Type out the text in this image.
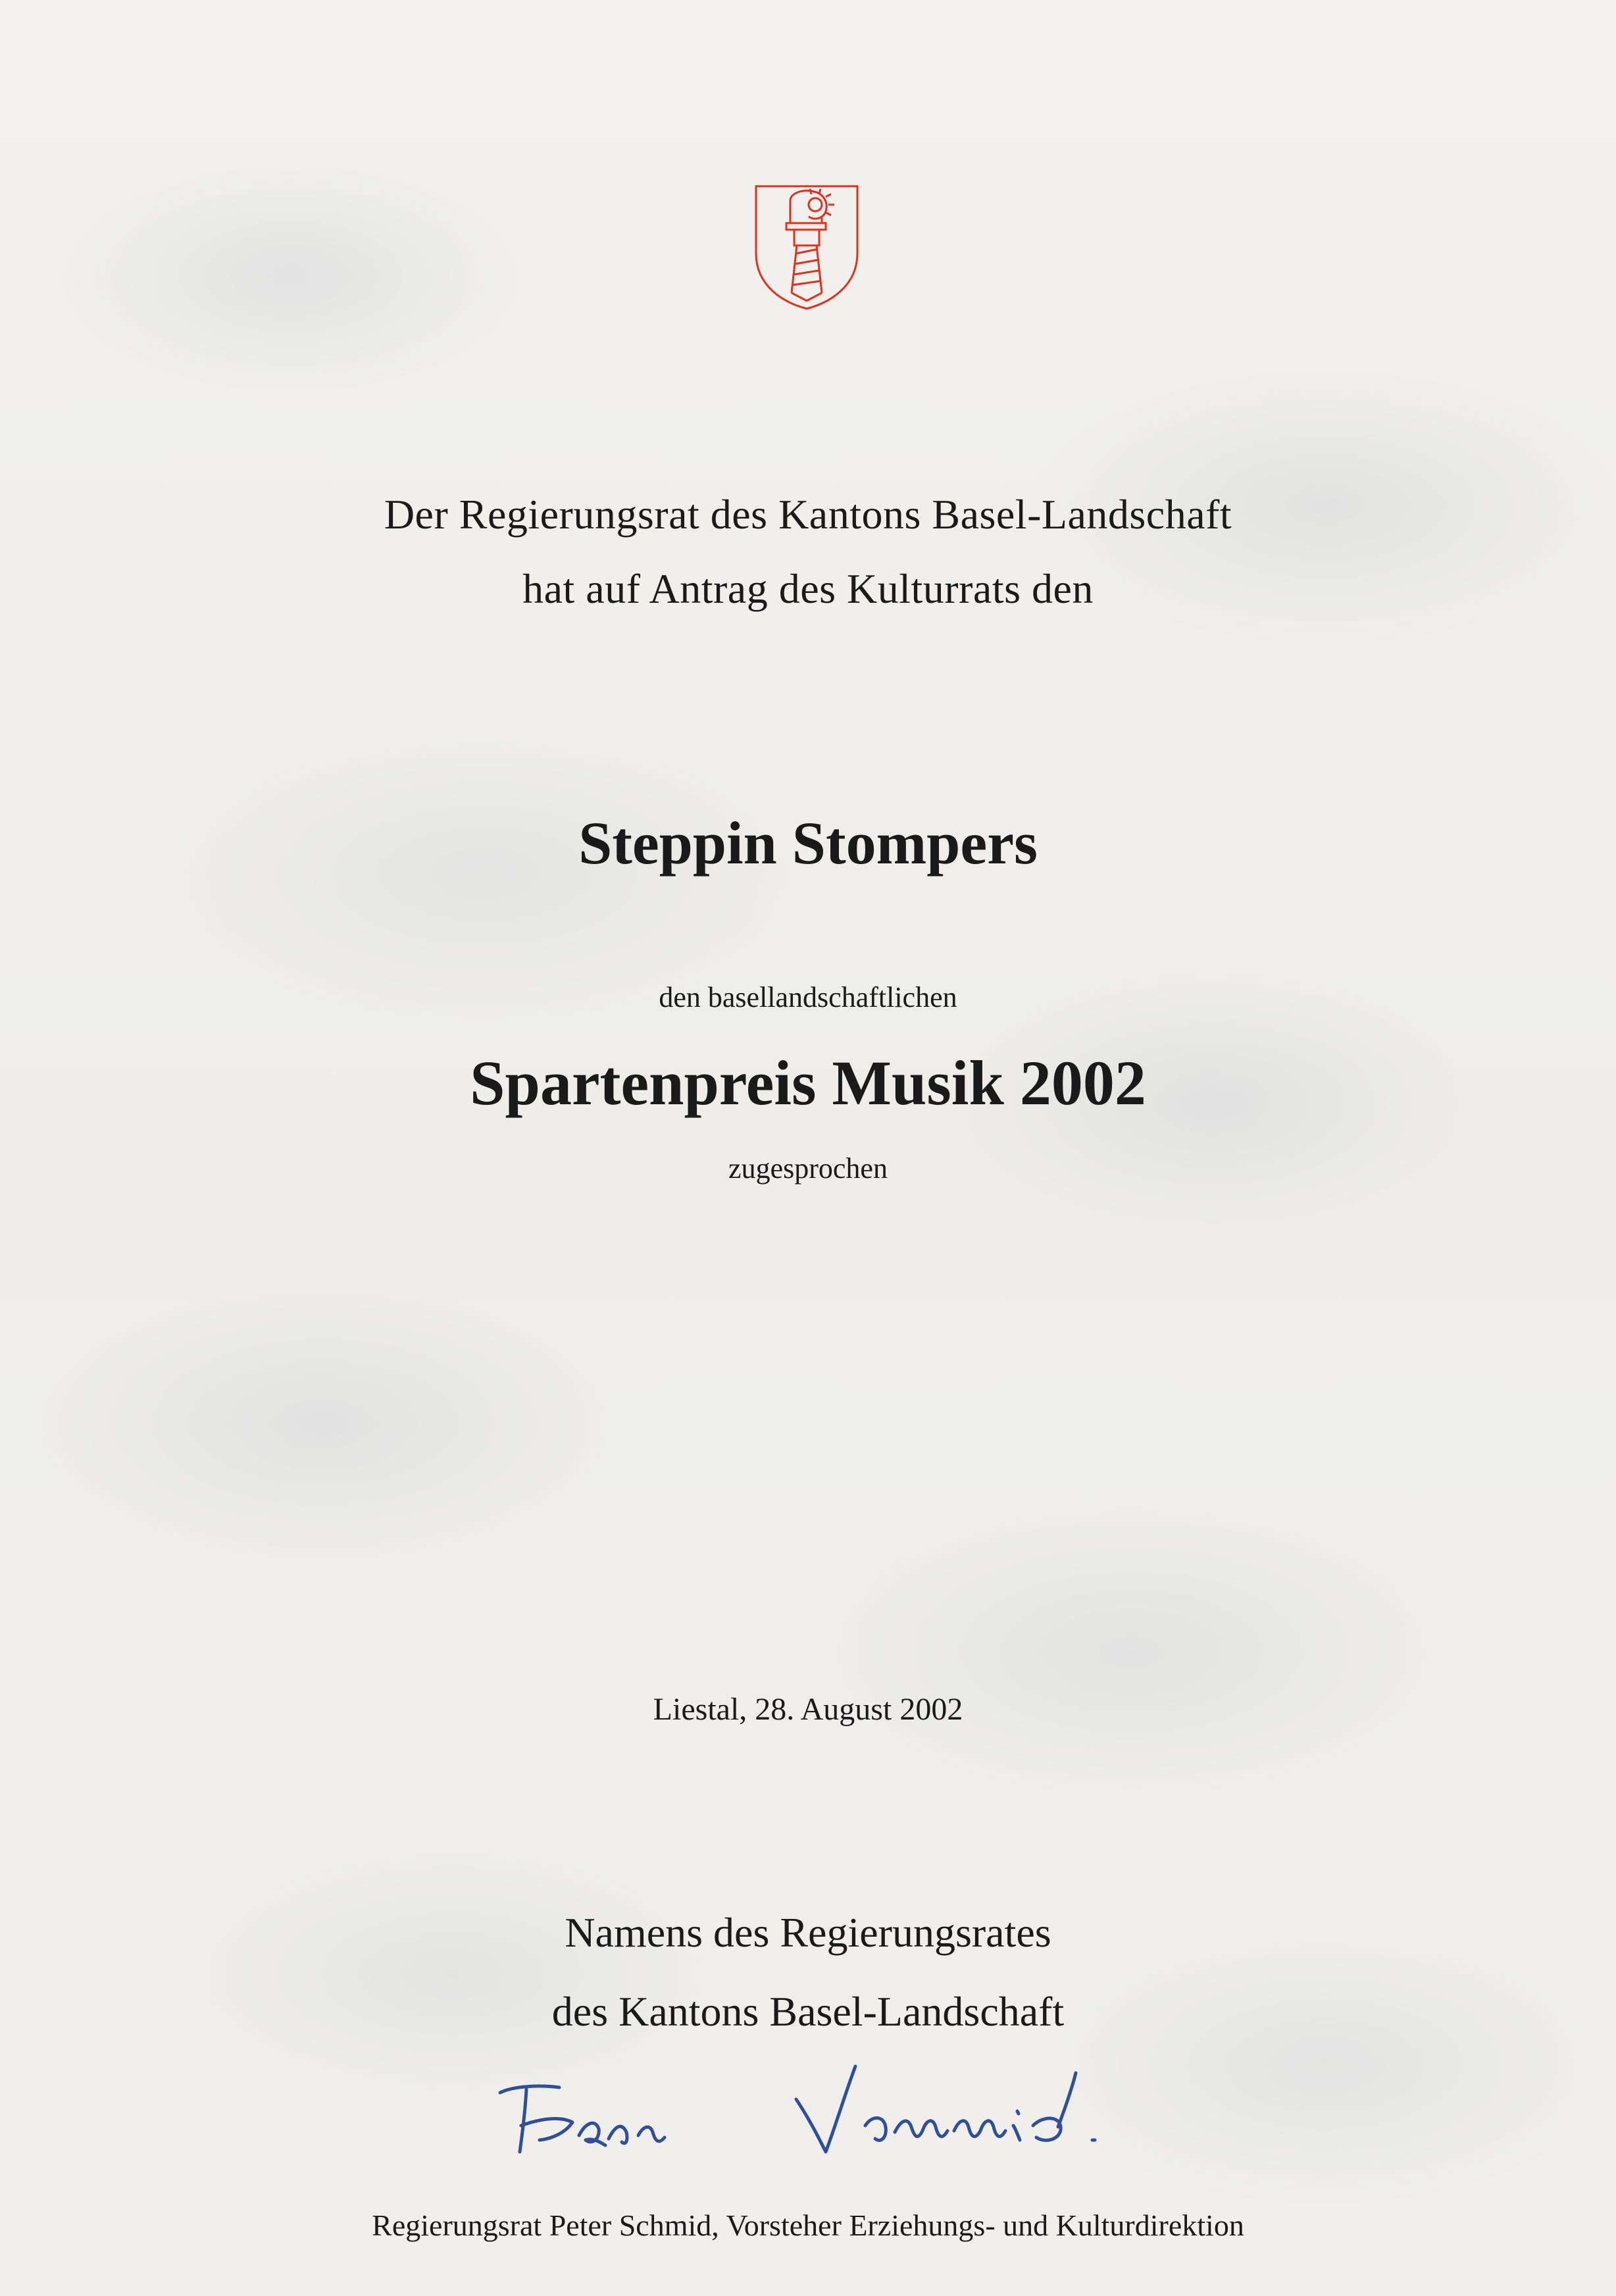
Der Regierungsrat des Kantons Basel-Landschaft
hat auf Antrag des Kulturrats den
Steppin Stompers
den basellandschaftlichen
Spartenpreis Musik 2002
zugesprochen
Liestal, 28. August 2002
Namens des Regierungsrates
des Kantons Basel-Landschaft
Regierungsrat Peter Schmid, Vorsteher Erziehungs- und Kulturdirektion
